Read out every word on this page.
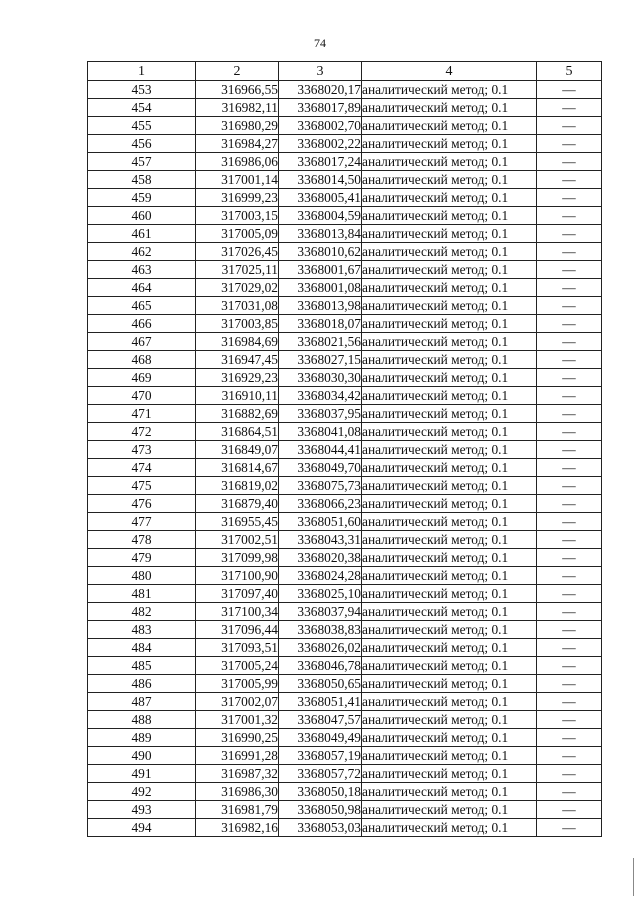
74
1	2	3	4	5
453	316966,55	3368020,17	аналитический метод; 0.1	—
454	316982,11	3368017,89	аналитический метод; 0.1	—
455	316980,29	3368002,70	аналитический метод; 0.1	—
456	316984,27	3368002,22	аналитический метод; 0.1	—
457	316986,06	3368017,24	аналитический метод; 0.1	—
458	317001,14	3368014,50	аналитический метод; 0.1	—
459	316999,23	3368005,41	аналитический метод; 0.1	—
460	317003,15	3368004,59	аналитический метод; 0.1	—
461	317005,09	3368013,84	аналитический метод; 0.1	—
462	317026,45	3368010,62	аналитический метод; 0.1	—
463	317025,11	3368001,67	аналитический метод; 0.1	—
464	317029,02	3368001,08	аналитический метод; 0.1	—
465	317031,08	3368013,98	аналитический метод; 0.1	—
466	317003,85	3368018,07	аналитический метод; 0.1	—
467	316984,69	3368021,56	аналитический метод; 0.1	—
468	316947,45	3368027,15	аналитический метод; 0.1	—
469	316929,23	3368030,30	аналитический метод; 0.1	—
470	316910,11	3368034,42	аналитический метод; 0.1	—
471	316882,69	3368037,95	аналитический метод; 0.1	—
472	316864,51	3368041,08	аналитический метод; 0.1	—
473	316849,07	3368044,41	аналитический метод; 0.1	—
474	316814,67	3368049,70	аналитический метод; 0.1	—
475	316819,02	3368075,73	аналитический метод; 0.1	—
476	316879,40	3368066,23	аналитический метод; 0.1	—
477	316955,45	3368051,60	аналитический метод; 0.1	—
478	317002,51	3368043,31	аналитический метод; 0.1	—
479	317099,98	3368020,38	аналитический метод; 0.1	—
480	317100,90	3368024,28	аналитический метод; 0.1	—
481	317097,40	3368025,10	аналитический метод; 0.1	—
482	317100,34	3368037,94	аналитический метод; 0.1	—
483	317096,44	3368038,83	аналитический метод; 0.1	—
484	317093,51	3368026,02	аналитический метод; 0.1	—
485	317005,24	3368046,78	аналитический метод; 0.1	—
486	317005,99	3368050,65	аналитический метод; 0.1	—
487	317002,07	3368051,41	аналитический метод; 0.1	—
488	317001,32	3368047,57	аналитический метод; 0.1	—
489	316990,25	3368049,49	аналитический метод; 0.1	—
490	316991,28	3368057,19	аналитический метод; 0.1	—
491	316987,32	3368057,72	аналитический метод; 0.1	—
492	316986,30	3368050,18	аналитический метод; 0.1	—
493	316981,79	3368050,98	аналитический метод; 0.1	—
494	316982,16	3368053,03	аналитический метод; 0.1	—
